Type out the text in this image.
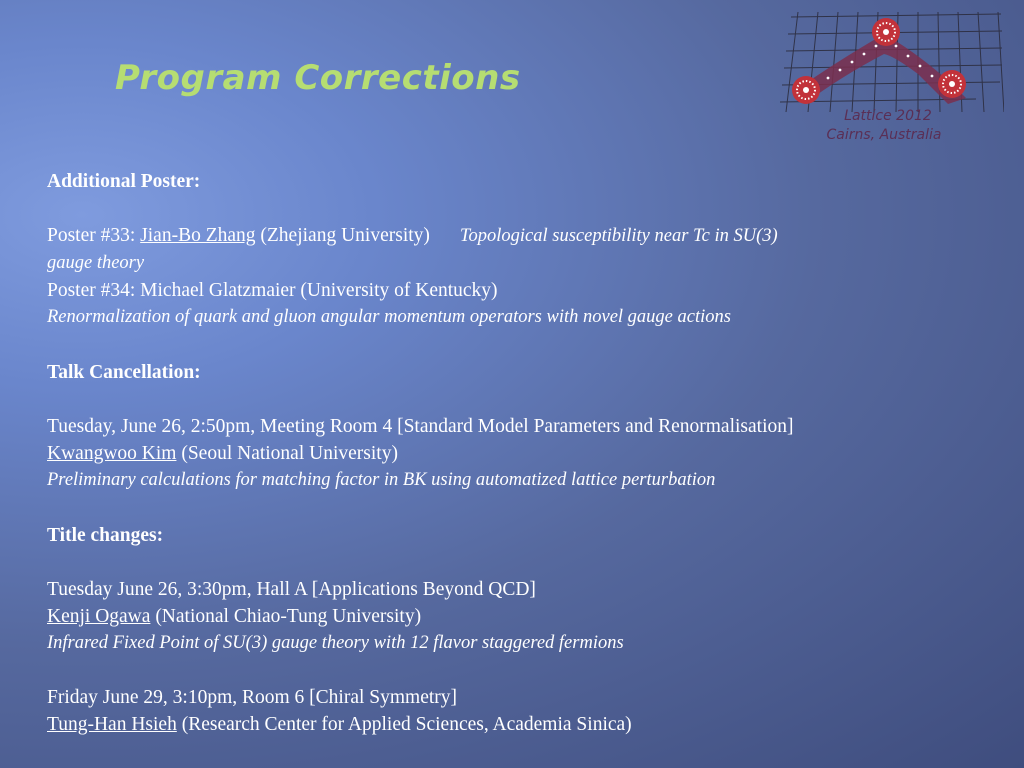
Program Corrections
Lattice 2012
Cairns, Australia
Additional Poster:
Poster #33: Jian-Bo Zhang (Zhejiang University) Topological susceptibility near Tc in SU(3)
gauge theory
Poster #34: Michael Glatzmaier (University of Kentucky)
Renormalization of quark and gluon angular momentum operators with novel gauge actions
Talk Cancellation:
Tuesday, June 26, 2:50pm, Meeting Room 4 [Standard Model Parameters and Renormalisation]
Kwangwoo Kim (Seoul National University)
Preliminary calculations for matching factor in BK using automatized lattice perturbation
Title changes:
Tuesday June 26, 3:30pm, Hall A [Applications Beyond QCD]
Kenji Ogawa (National Chiao-Tung University)
Infrared Fixed Point of SU(3) gauge theory with 12 flavor staggered fermions
Friday June 29, 3:10pm, Room 6 [Chiral Symmetry]
Tung-Han Hsieh (Research Center for Applied Sciences, Academia Sinica)
